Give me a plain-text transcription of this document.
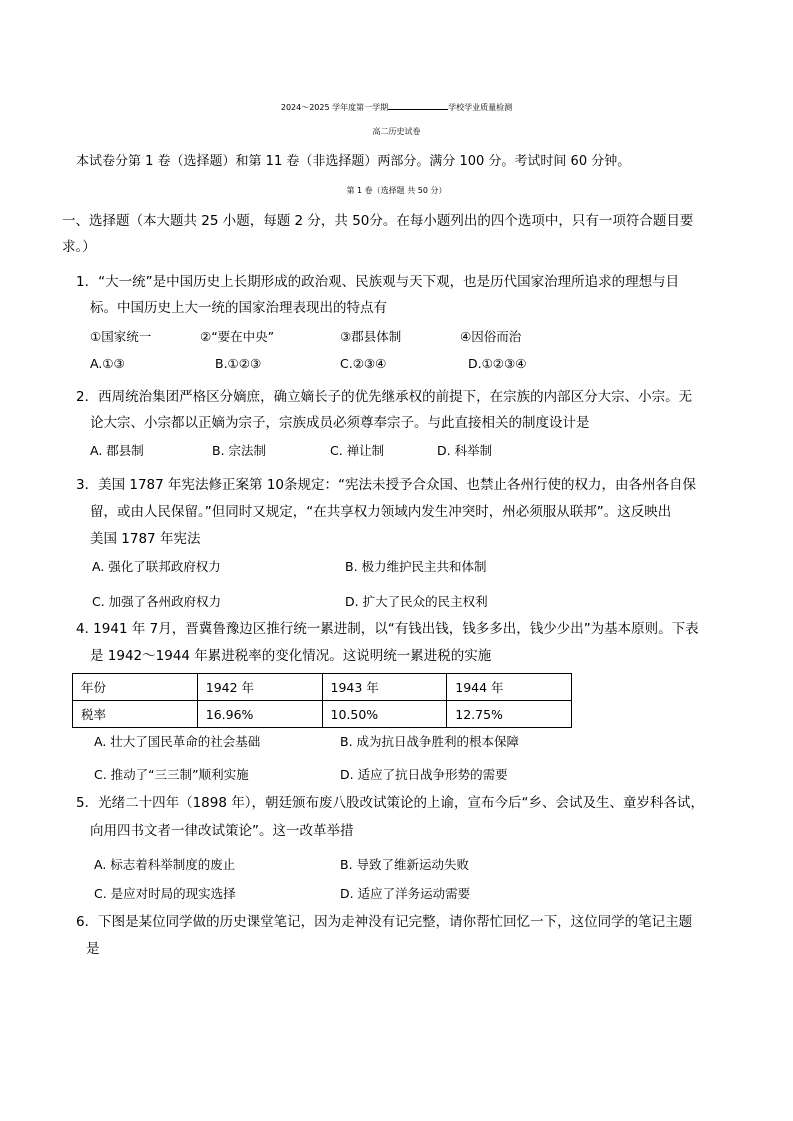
2024～2025 学年度第一学期	学校学业质量检测
高二历史试卷
本试卷分第 1 卷（选择题）和第 11 卷（非选择题）两部分。满分 100 分。考试时间 60 分钟。
第 1 卷（选择题 共 50 分）
一、选择题（本大题共 25 小题，每题 2 分，共 50分。在每小题列出的四个选项中，只有一项符合题目要
求。）
1．“大一统”是中国历史上长期形成的政治观、民族观与天下观，也是历代国家治理所追求的理想与目
标。中国历史上大一统的国家治理表现出的特点有
①国家统一	②“要在中央”	③郡县体制	④因俗而治
A.①③	B.①②③	C.②③④	D.①②③④
2．西周统治集团严格区分嫡庶，确立嫡长子的优先继承权的前提下，在宗族的内部区分大宗、小宗。无
论大宗、小宗都以正嫡为宗子，宗族成员必须尊奉宗子。与此直接相关的制度设计是
A. 郡县制	B. 宗法制	C. 禅让制	D. 科举制
3．美国 1787 年宪法修正案第 10条规定：“宪法未授予合众国、也禁止各州行使的权力，由各州各自保
留，或由人民保留。”但同时又规定，“在共享权力领域内发生冲突时，州必须服从联邦”。这反映出
美国 1787 年宪法
A. 强化了联邦政府权力	B. 极力维护民主共和体制
C. 加强了各州政府权力	D. 扩大了民众的民主权利
4. 1941 年 7月，晋冀鲁豫边区推行统一累进制，以“有钱出钱，钱多多出，钱少少出”为基本原则。下表
是 1942～1944 年累进税率的变化情况。这说明统一累进税的实施
年份	1942 年	1943 年	1944 年
税率	16.96%	10.50%	12.75%
A. 壮大了国民革命的社会基础	B. 成为抗日战争胜利的根本保障
C. 推动了“三三制”顺利实施	D. 适应了抗日战争形势的需要
5．光绪二十四年（1898 年），朝廷颁布废八股改试策论的上谕，宣布今后“乡、会试及生、童岁科各试，
向用四书文者一律改试策论”。这一改革举措
A. 标志着科举制度的废止	B. 导致了维新运动失败
C. 是应对时局的现实选择	D. 适应了洋务运动需要
6．下图是某位同学做的历史课堂笔记，因为走神没有记完整，请你帮忙回忆一下，这位同学的笔记主题
是
